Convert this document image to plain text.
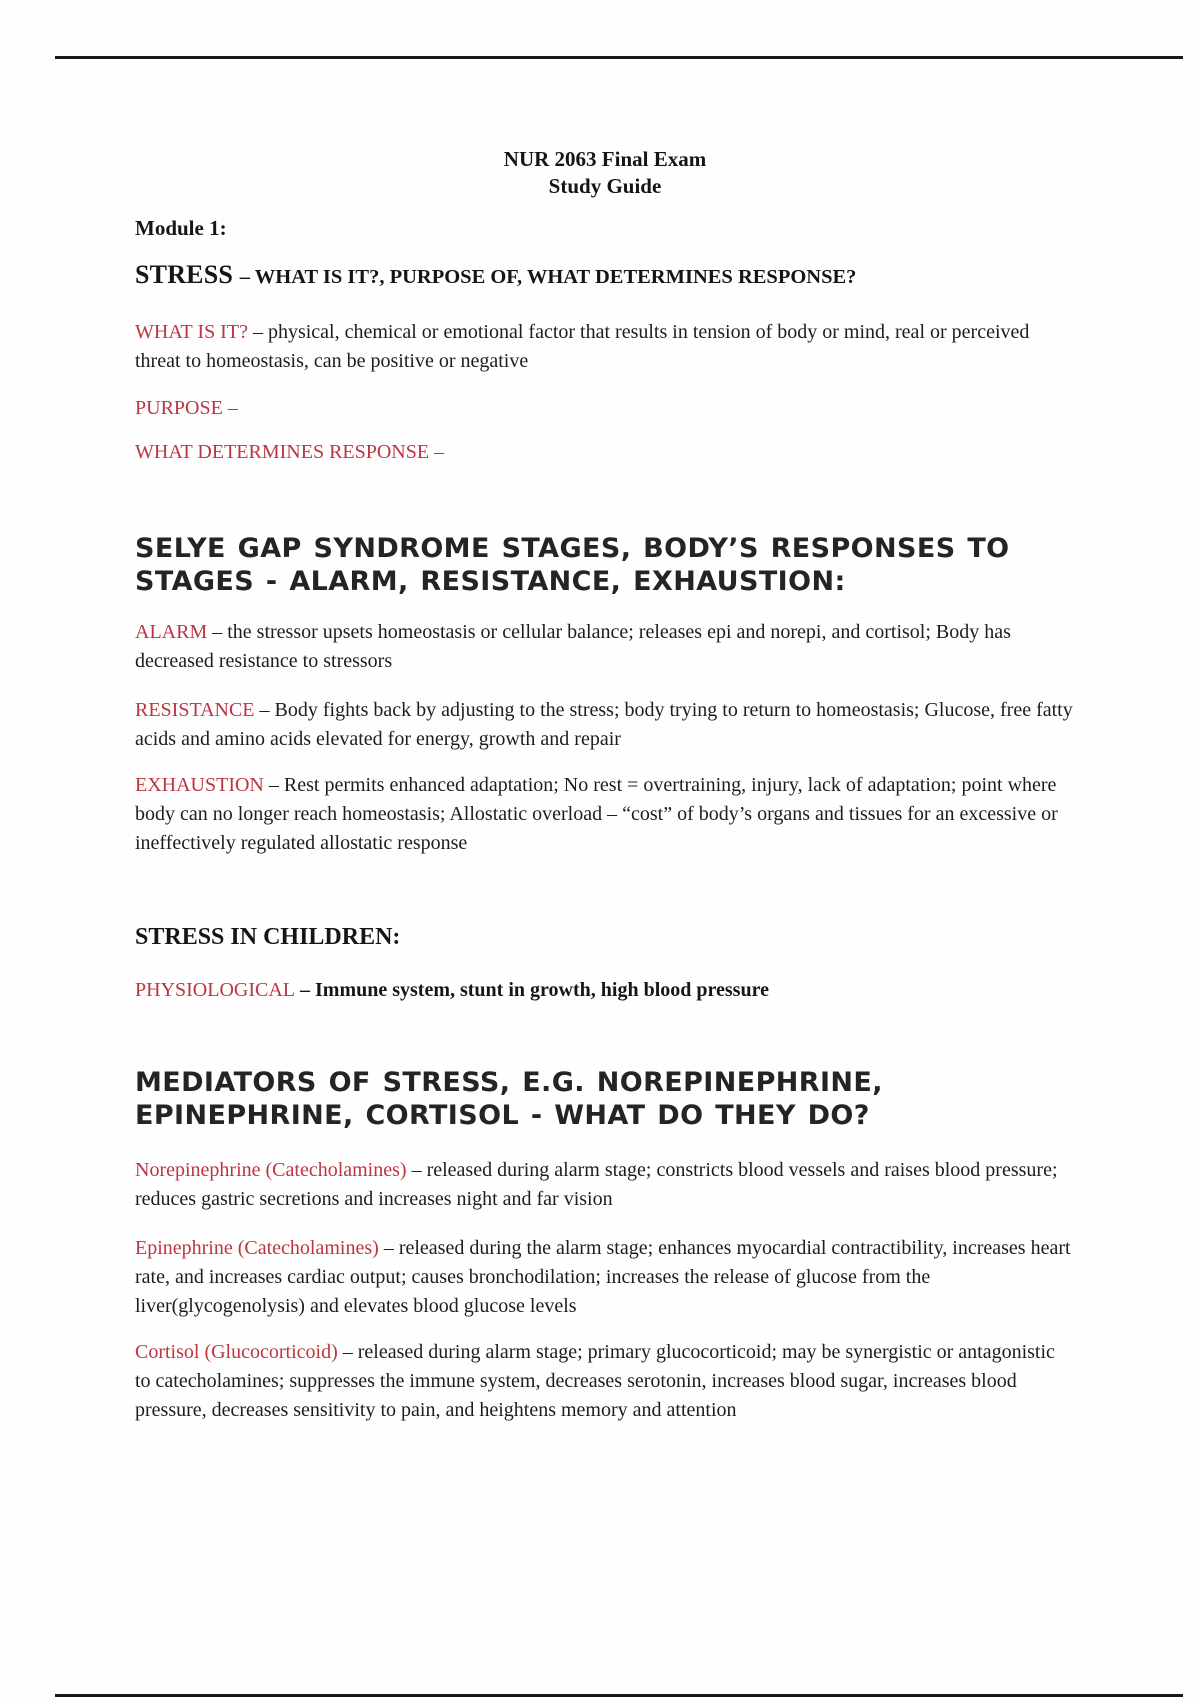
NUR 2063 Final Exam
Study Guide

Module 1:

STRESS – WHAT IS IT?, PURPOSE OF, WHAT DETERMINES RESPONSE?

WHAT IS IT? – physical, chemical or emotional factor that results in tension of body or mind, real or perceived threat to homeostasis, can be positive or negative

PURPOSE –

WHAT DETERMINES RESPONSE –

SELYE GAP SYNDROME STAGES, BODY’S RESPONSES TO STAGES - ALARM, RESISTANCE, EXHAUSTION:

ALARM – the stressor upsets homeostasis or cellular balance; releases epi and norepi, and cortisol; Body has decreased resistance to stressors

RESISTANCE – Body fights back by adjusting to the stress; body trying to return to homeostasis; Glucose, free fatty acids and amino acids elevated for energy, growth and repair

EXHAUSTION – Rest permits enhanced adaptation; No rest = overtraining, injury, lack of adaptation; point where body can no longer reach homeostasis; Allostatic overload – “cost” of body’s organs and tissues for an excessive or ineffectively regulated allostatic response

STRESS IN CHILDREN:

PHYSIOLOGICAL – Immune system, stunt in growth, high blood pressure

MEDIATORS OF STRESS, E.G. NOREPINEPHRINE, EPINEPHRINE, CORTISOL - WHAT DO THEY DO?

Norepinephrine (Catecholamines) – released during alarm stage; constricts blood vessels and raises blood pressure; reduces gastric secretions and increases night and far vision

Epinephrine (Catecholamines) – released during the alarm stage; enhances myocardial contractibility, increases heart rate, and increases cardiac output; causes bronchodilation; increases the release of glucose from the liver(glycogenolysis) and elevates blood glucose levels

Cortisol (Glucocorticoid) – released during alarm stage; primary glucocorticoid; may be synergistic or antagonistic to catecholamines; suppresses the immune system, decreases serotonin, increases blood sugar, increases blood pressure, decreases sensitivity to pain, and heightens memory and attention
